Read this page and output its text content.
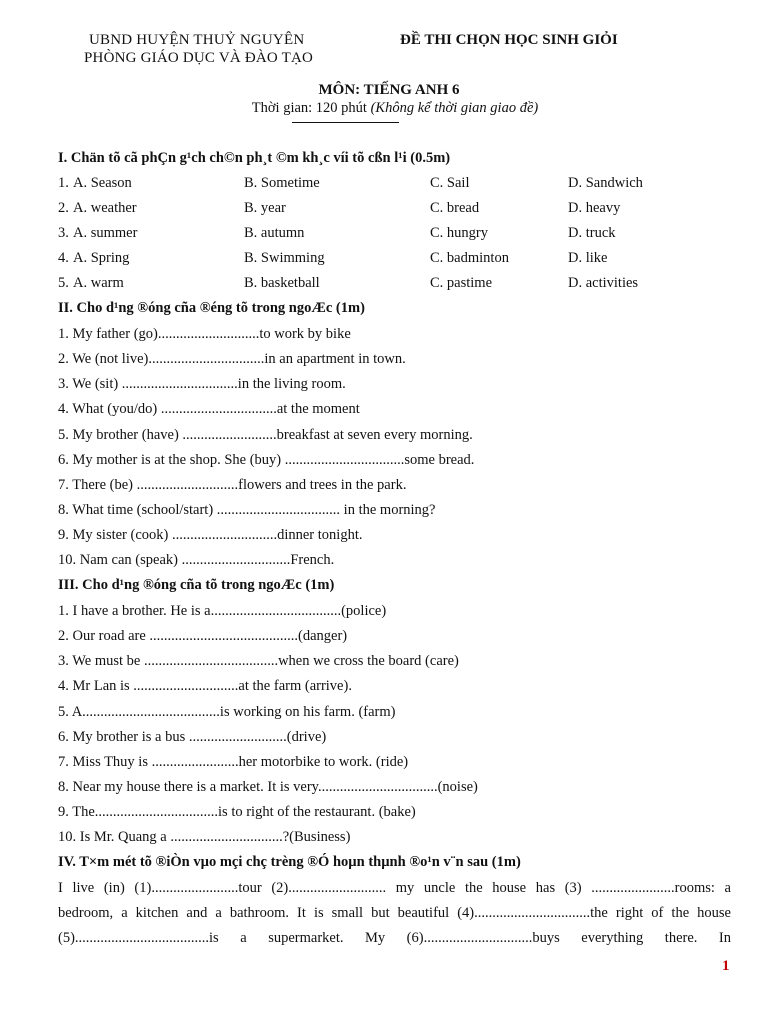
UBND HUYỆN THUỶ NGUYÊN
PHÒNG GIÁO DỤC VÀ ĐÀO TẠO
ĐỀ THI CHỌN HỌC SINH GIỎI
MÔN: TIẾNG ANH 6
Thời gian: 120 phút (Không kể thời gian giao đề)
I. Chän tõ cã phÇn g¹ch ch©n ph¸t ©m kh¸c víi tõ cßn l¹i (0.5m)
1. A. Season	B. Sometime	C. Sail	D. Sandwich
2. A. weather	B. year	C. bread	D. heavy
3. A. summer	B. autumn	C. hungry	D. truck
4. A. Spring	B. Swimming	C. badminton	D. like
5. A. warm	B. basketball	C. pastime	D. activities
II. Cho d¹ng ®óng cña ®éng tõ trong ngoÆc (1m)
1. My father (go)............................to work by bike
2. We (not live)................................in an apartment in town.
3. We (sit) ................................in the living room.
4. What (you/do) ................................at the moment
5. My brother (have) ..........................breakfast at seven every morning.
6. My mother is at the shop. She (buy) .................................some bread.
7. There (be) ............................flowers and trees in the park.
8. What time (school/start) .................................. in the morning?
9. My sister (cook) .............................dinner tonight.
10. Nam can (speak) ..............................French.
III. Cho d¹ng ®óng cña tõ trong ngoÆc (1m)
1. I have a brother. He is a....................................(police)
2. Our road are .........................................(danger)
3. We must be .....................................when we cross the board (care)
4. Mr Lan is .............................at the farm (arrive).
5. A......................................is working on his farm. (farm)
6. My brother is a bus ...........................(drive)
7. Miss Thuy is ........................her motorbike to work. (ride)
8. Near my house there is a market. It is very.................................(noise)
9. The..................................is to right of the restaurant. (bake)
10. Is Mr. Quang a ...............................?(Business)
IV. T×m mét tõ ®iÒn vµo mçi chç trèng ®Ó hoµn thµnh ®o¹n v¨n sau (1m)
I live (in) (1)........................tour (2)........................... my uncle the house has (3) .......................rooms: a
bedroom, a kitchen and a bathroom. It is small but beautiful (4)................................the right of the house
(5).....................................is a supermarket. My (6)..............................buys everything there. In
1
